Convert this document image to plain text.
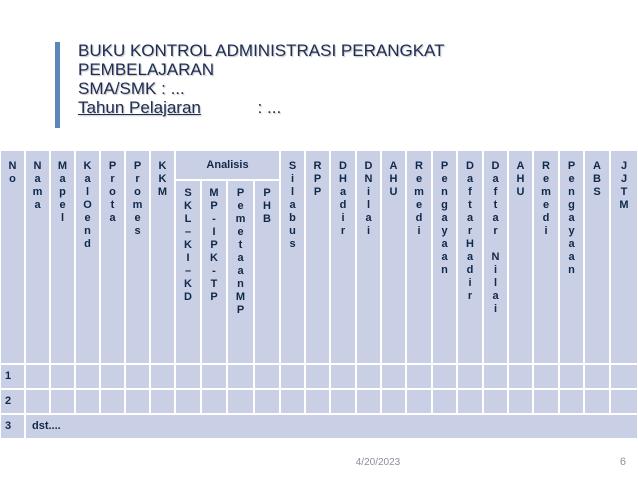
BUKU KONTROL ADMINISTRASI PERANGKAT
PEMBELAJARAN
SMA/SMK : ...
Tahun Pelajaran            : ...
N
o
N
a
m
a
M
a
p
e
l
K
a
l
O
e
n
d
P
r
o
t
a
P
r
o
m
e
s
K
K
M
Analisis
S
K
L
–
K
I
–
K
D
M
P
-
I
P
K
-
T
P
P
e
m
e
t
a
a
n
M
P
P
H
B
S
i
l
a
b
u
s
R
P
P
D
H
a
d
i
r
D
N
i
l
a
i
A
H
U
R
e
m
e
d
i
P
e
n
g
a
y
a
a
n
D
a
f
t
a
r
H
a
d
i
r
D
a
f
t
a
r

N
i
l
a
i
A
H
U
R
e
m
e
d
i
P
e
n
g
a
y
a
a
n
A
B
S
J
J
T
M
1
2
3	dst....
4/20/2023	6
